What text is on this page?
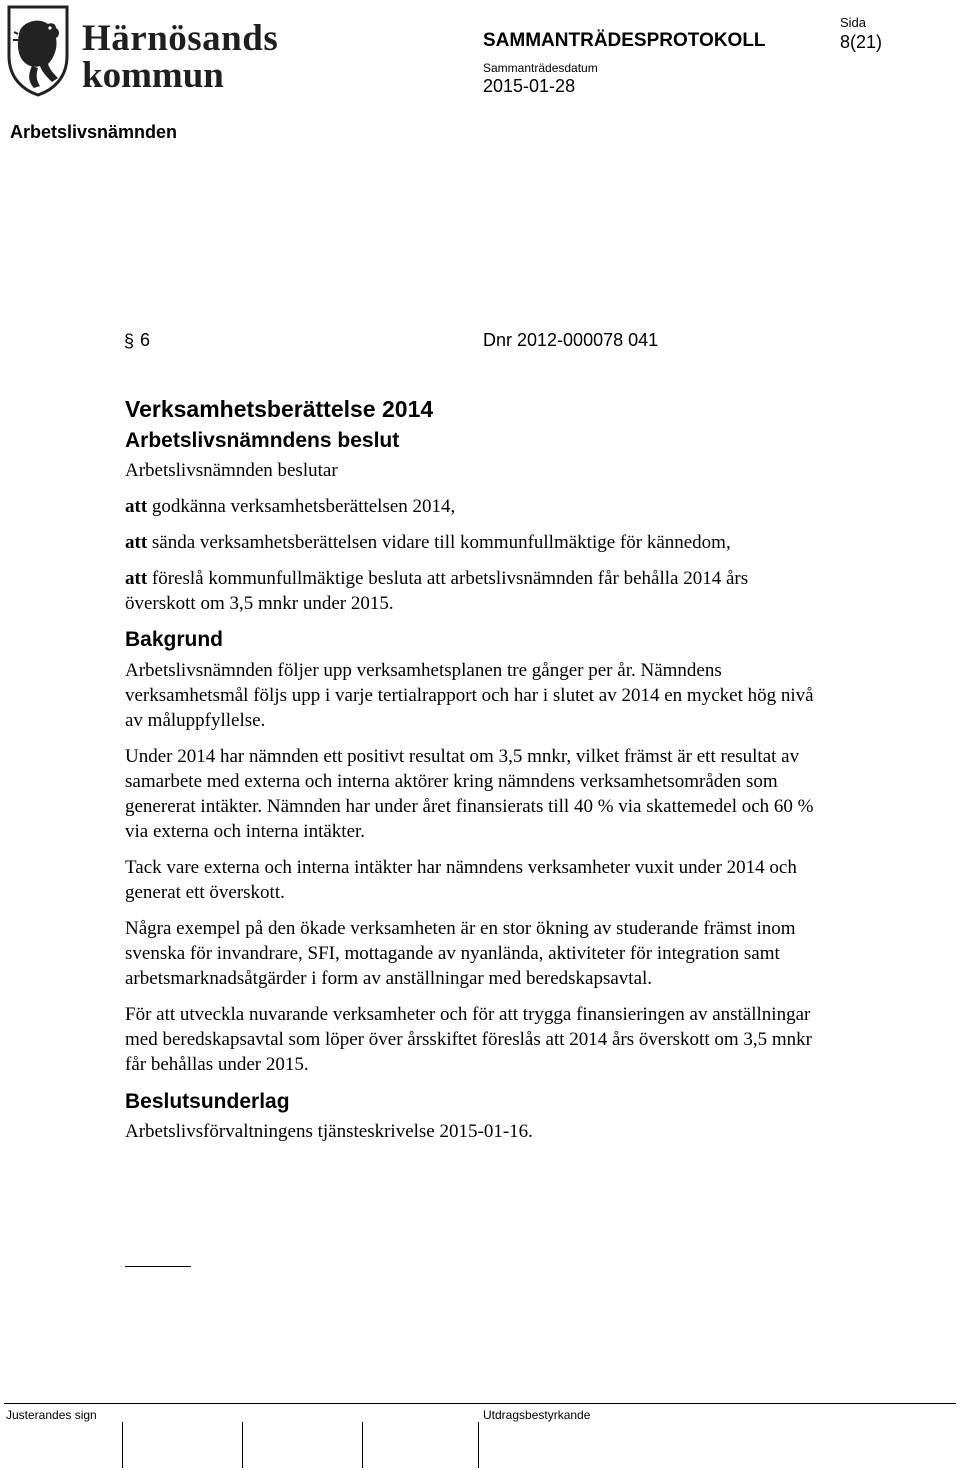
Härnösands
kommun
SAMMANTRÄDESPROTOKOLL
Sammanträdesdatum
2015-01-28
Sida
8(21)
Arbetslivsnämnden
§ 6	Dnr 2012-000078 041
Verksamhetsberättelse 2014
Arbetslivsnämndens beslut
Arbetslivsnämnden beslutar
att godkänna verksamhetsberättelsen 2014,
att sända verksamhetsberättelsen vidare till kommunfullmäktige för kännedom,
att föreslå kommunfullmäktige besluta att arbetslivsnämnden får behålla 2014 års överskott om 3,5 mnkr under 2015.
Bakgrund
Arbetslivsnämnden följer upp verksamhetsplanen tre gånger per år. Nämndens verksamhetsmål följs upp i varje tertialrapport och har i slutet av 2014 en mycket hög nivå av måluppfyllelse.
Under 2014 har nämnden ett positivt resultat om 3,5 mnkr, vilket främst är ett resultat av samarbete med externa och interna aktörer kring nämndens verksamhetsområden som genererat intäkter. Nämnden har under året finansierats till 40 % via skattemedel och 60 % via externa och interna intäkter.
Tack vare externa och interna intäkter har nämndens verksamheter vuxit under 2014 och generat ett överskott.
Några exempel på den ökade verksamheten är en stor ökning av studerande främst inom svenska för invandrare, SFI, mottagande av nyanlända, aktiviteter för integration samt arbetsmarknadsåtgärder i form av anställningar med beredskapsavtal.
För att utveckla nuvarande verksamheter och för att trygga finansieringen av anställningar med beredskapsavtal som löper över årsskiftet föreslås att 2014 års överskott om 3,5 mnkr får behållas under 2015.
Beslutsunderlag
Arbetslivsförvaltningens tjänsteskrivelse 2015-01-16.
Justerandes sign	Utdragsbestyrkande
